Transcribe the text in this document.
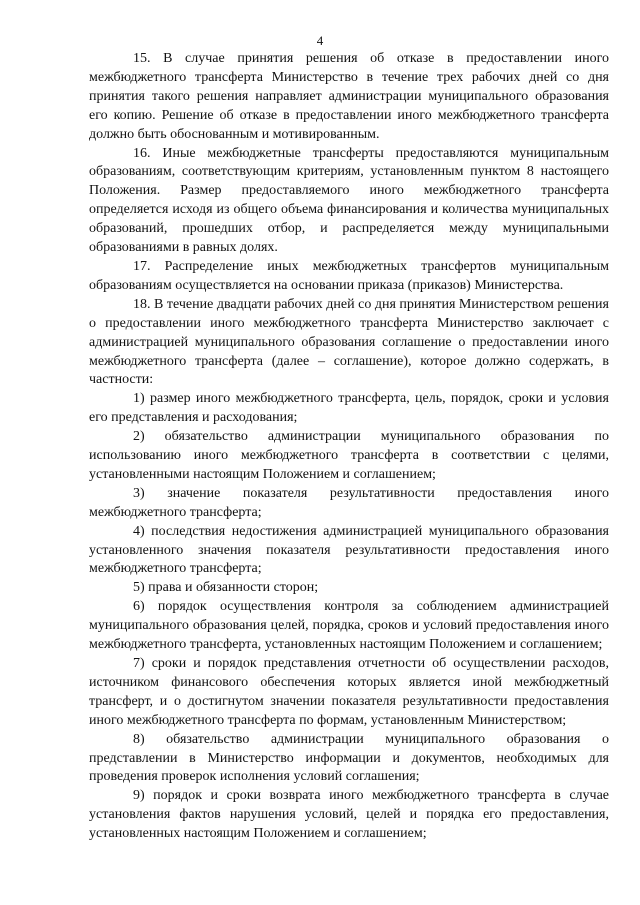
4

15. В случае принятия решения об отказе в предоставлении иного межбюджетного трансферта Министерство в течение трех рабочих дней со дня принятия такого решения направляет администрации муниципального образования его копию. Решение об отказе в предоставлении иного межбюджетного трансферта должно быть обоснованным и мотивированным.

16. Иные межбюджетные трансферты предоставляются муниципальным образованиям, соответствующим критериям, установленным пунктом 8 настоящего Положения. Размер предоставляемого иного межбюджетного трансферта определяется исходя из общего объема финансирования и количества муниципальных образований, прошедших отбор, и распределяется между муниципальными образованиями в равных долях.

17. Распределение иных межбюджетных трансфертов муниципальным образованиям осуществляется на основании приказа (приказов) Министерства.

18. В течение двадцати рабочих дней со дня принятия Министерством решения о предоставлении иного межбюджетного трансферта Министерство заключает с администрацией муниципального образования соглашение о предоставлении иного межбюджетного трансферта (далее – соглашение), которое должно содержать, в частности:

1) размер иного межбюджетного трансферта, цель, порядок, сроки и условия его представления и расходования;

2) обязательство администрации муниципального образования по использованию иного межбюджетного трансферта в соответствии с целями, установленными настоящим Положением и соглашением;

3) значение показателя результативности предоставления иного межбюджетного трансферта;

4) последствия недостижения администрацией муниципального образования установленного значения показателя результативности предоставления иного межбюджетного трансферта;

5) права и обязанности сторон;

6) порядок осуществления контроля за соблюдением администрацией муниципального образования целей, порядка, сроков и условий предоставления иного межбюджетного трансферта, установленных настоящим Положением и соглашением;

7) сроки и порядок представления отчетности об осуществлении расходов, источником финансового обеспечения которых является иной межбюджетный трансферт, и о достигнутом значении показателя результативности предоставления иного межбюджетного трансферта по формам, установленным Министерством;

8) обязательство администрации муниципального образования о представлении в Министерство информации и документов, необходимых для проведения проверок исполнения условий соглашения;

9) порядок и сроки возврата иного межбюджетного трансферта в случае установления фактов нарушения условий, целей и порядка его предоставления, установленных настоящим Положением и соглашением;
